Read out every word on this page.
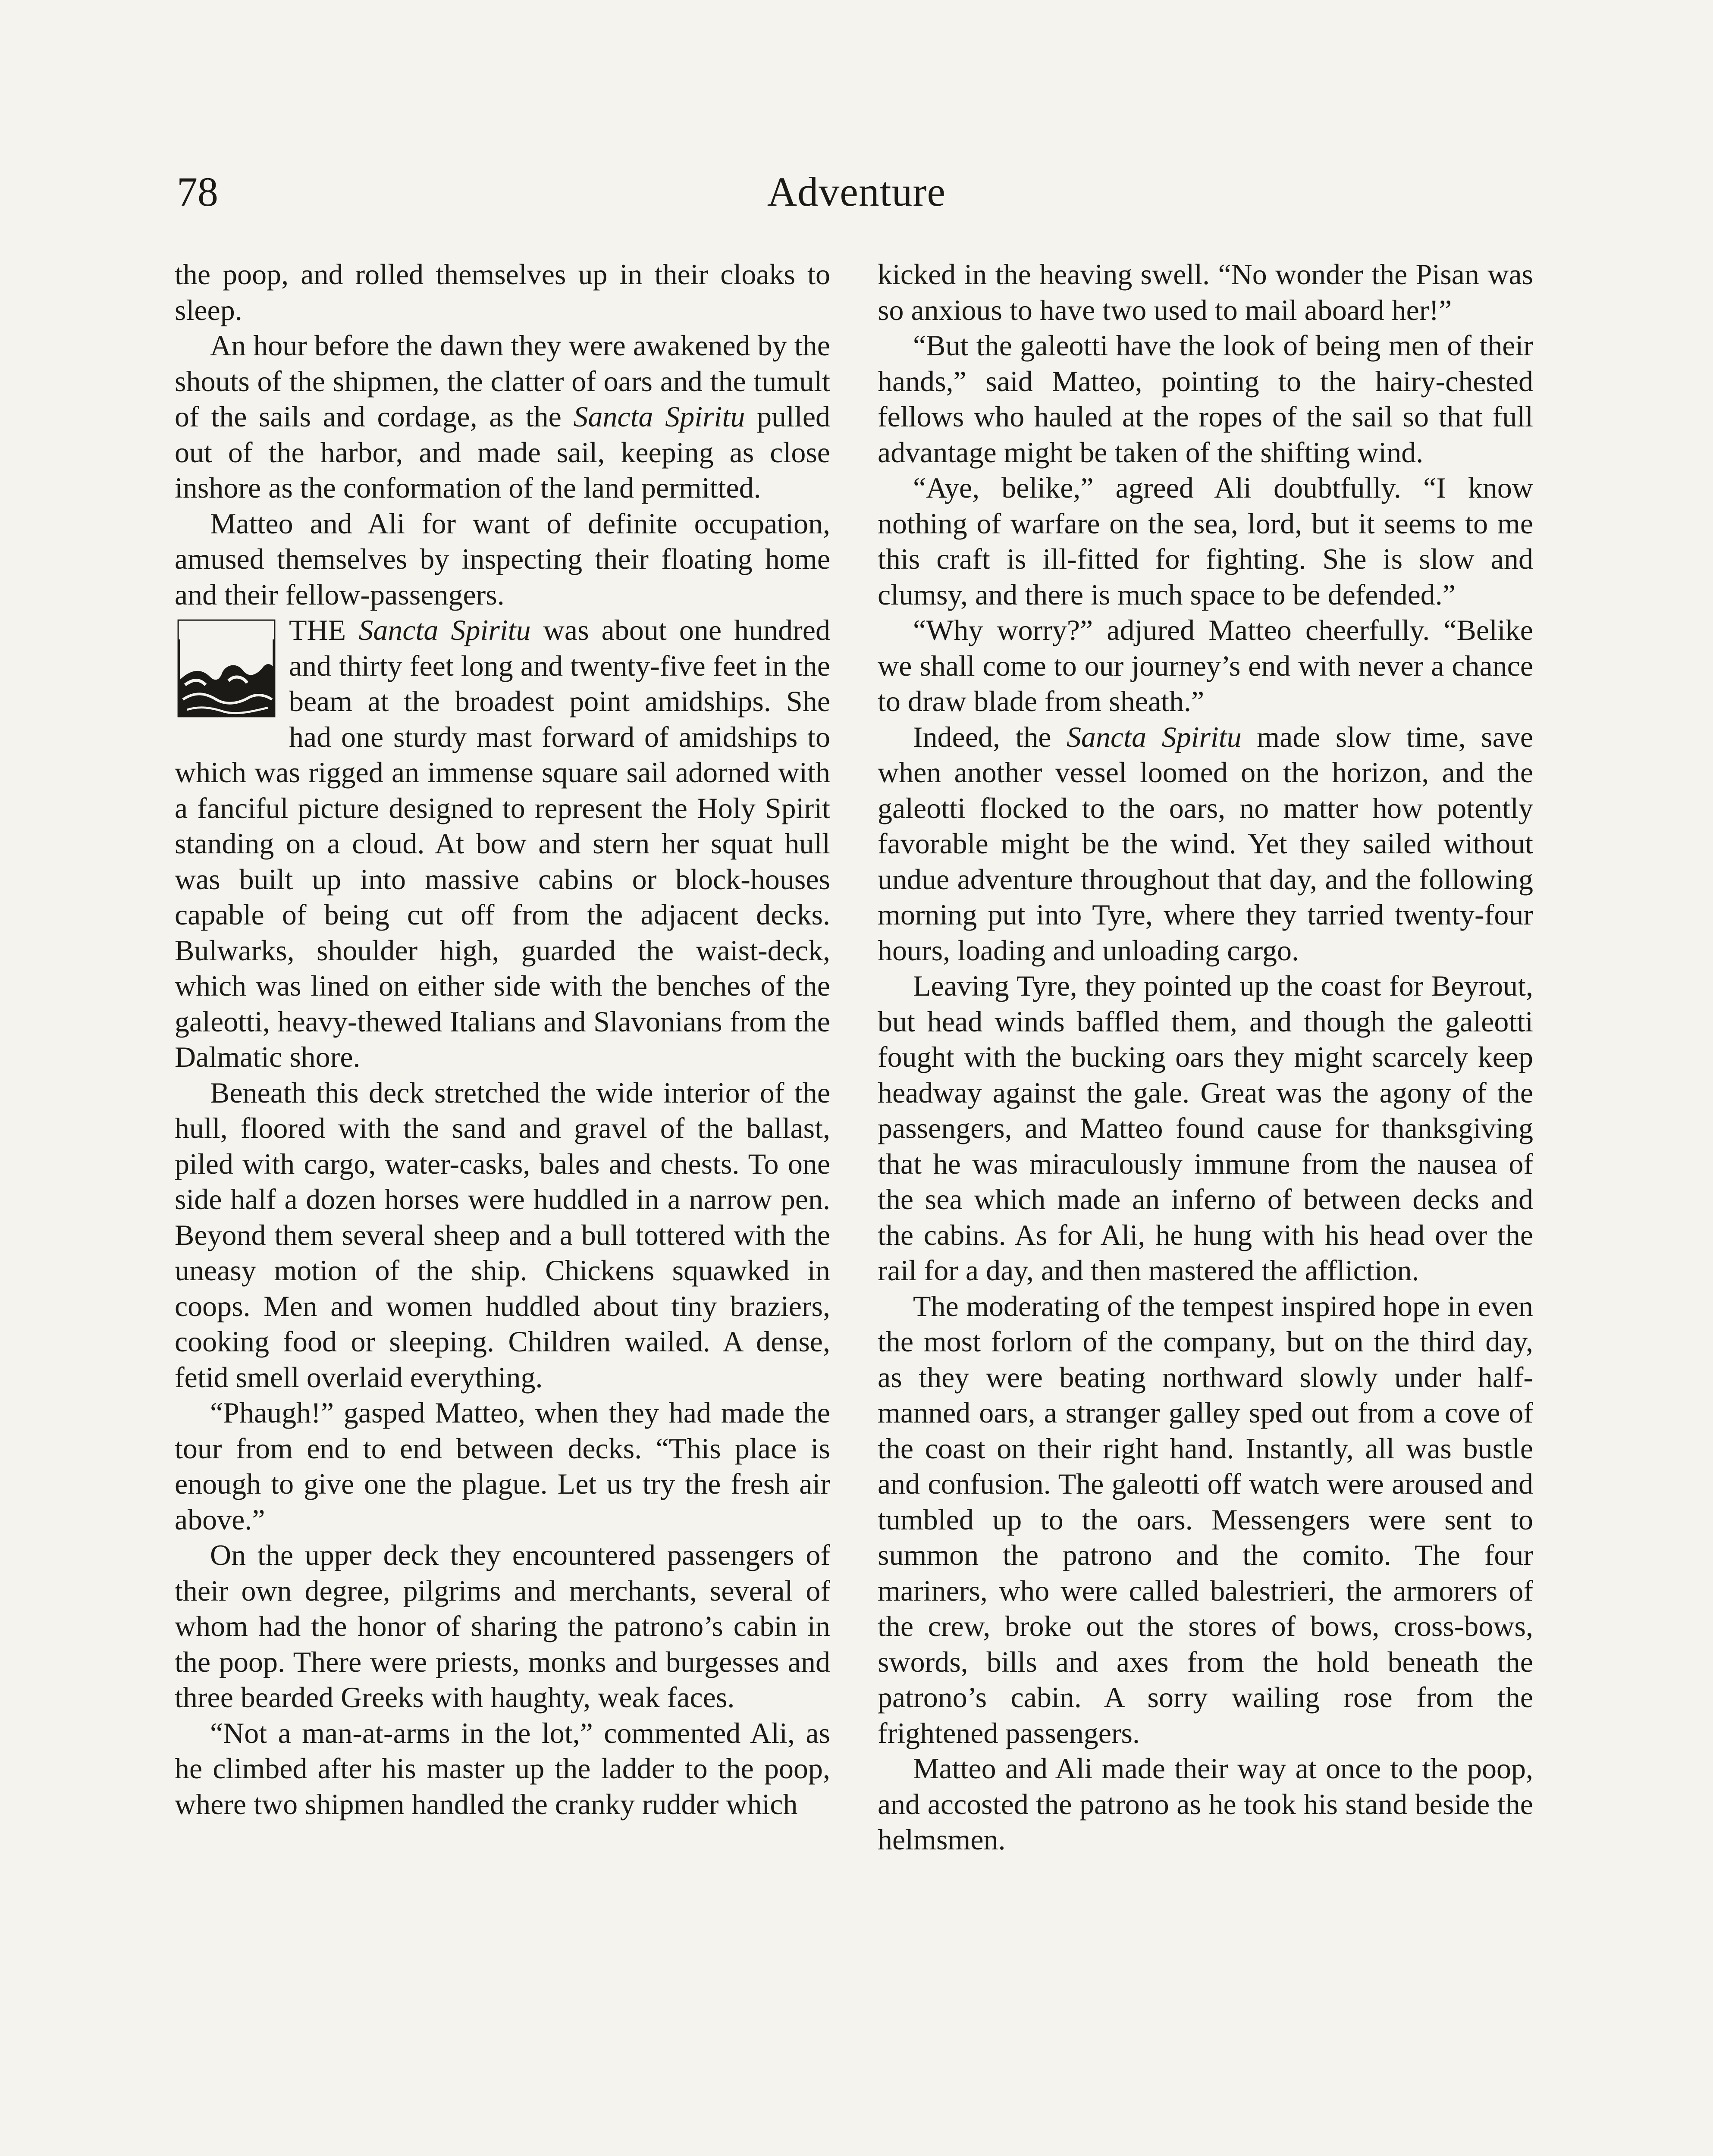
78	Adventure

the poop, and rolled themselves up in their cloaks to sleep.

An hour before the dawn they were awakened by the shouts of the shipmen, the clatter of oars and the tumult of the sails and cordage, as the Sancta Spiritu pulled out of the harbor, and made sail, keeping as close inshore as the conformation of the land permitted.

Matteo and Ali for want of definite occupation, amused themselves by inspecting their floating home and their fellow-passengers.

THE Sancta Spiritu was about one hundred and thirty feet long and twenty-five feet in the beam at the broadest point amidships. She had one sturdy mast forward of amidships to which was rigged an immense square sail adorned with a fanciful picture designed to represent the Holy Spirit standing on a cloud. At bow and stern her squat hull was built up into massive cabins or block-houses capable of being cut off from the adjacent decks. Bulwarks, shoulder high, guarded the waist-deck, which was lined on either side with the benches of the galeotti, heavy-thewed Italians and Slavonians from the Dalmatic shore.

Beneath this deck stretched the wide interior of the hull, floored with the sand and gravel of the ballast, piled with cargo, water-casks, bales and chests. To one side half a dozen horses were huddled in a narrow pen. Beyond them several sheep and a bull tottered with the uneasy motion of the ship. Chickens squawked in coops. Men and women huddled about tiny braziers, cooking food or sleeping. Children wailed. A dense, fetid smell overlaid everything.

“Phaugh!” gasped Matteo, when they had made the tour from end to end between decks. “This place is enough to give one the plague. Let us try the fresh air above.”

On the upper deck they encountered passengers of their own degree, pilgrims and merchants, several of whom had the honor of sharing the patrono’s cabin in the poop. There were priests, monks and burgesses and three bearded Greeks with haughty, weak faces.

“Not a man-at-arms in the lot,” commented Ali, as he climbed after his master up the ladder to the poop, where two shipmen handled the cranky rudder which

kicked in the heaving swell. “No wonder the Pisan was so anxious to have two used to mail aboard her!”

“But the galeotti have the look of being men of their hands,” said Matteo, pointing to the hairy-chested fellows who hauled at the ropes of the sail so that full advantage might be taken of the shifting wind.

“Aye, belike,” agreed Ali doubtfully. “I know nothing of warfare on the sea, lord, but it seems to me this craft is ill-fitted for fighting. She is slow and clumsy, and there is much space to be defended.”

“Why worry?” adjured Matteo cheerfully. “Belike we shall come to our journey’s end with never a chance to draw blade from sheath.”

Indeed, the Sancta Spiritu made slow time, save when another vessel loomed on the horizon, and the galeotti flocked to the oars, no matter how potently favorable might be the wind. Yet they sailed without undue adventure throughout that day, and the following morning put into Tyre, where they tarried twenty-four hours, loading and unloading cargo.

Leaving Tyre, they pointed up the coast for Beyrout, but head winds baffled them, and though the galeotti fought with the bucking oars they might scarcely keep headway against the gale. Great was the agony of the passengers, and Matteo found cause for thanksgiving that he was miraculously immune from the nausea of the sea which made an inferno of between decks and the cabins. As for Ali, he hung with his head over the rail for a day, and then mastered the affliction.

The moderating of the tempest inspired hope in even the most forlorn of the company, but on the third day, as they were beating northward slowly under half-manned oars, a stranger galley sped out from a cove of the coast on their right hand. Instantly, all was bustle and confusion. The galeotti off watch were aroused and tumbled up to the oars. Messengers were sent to summon the patrono and the comito. The four mariners, who were called balestrieri, the armorers of the crew, broke out the stores of bows, cross-bows, swords, bills and axes from the hold beneath the patrono’s cabin. A sorry wailing rose from the frightened passengers.

Matteo and Ali made their way at once to the poop, and accosted the patrono as he took his stand beside the helmsmen.
